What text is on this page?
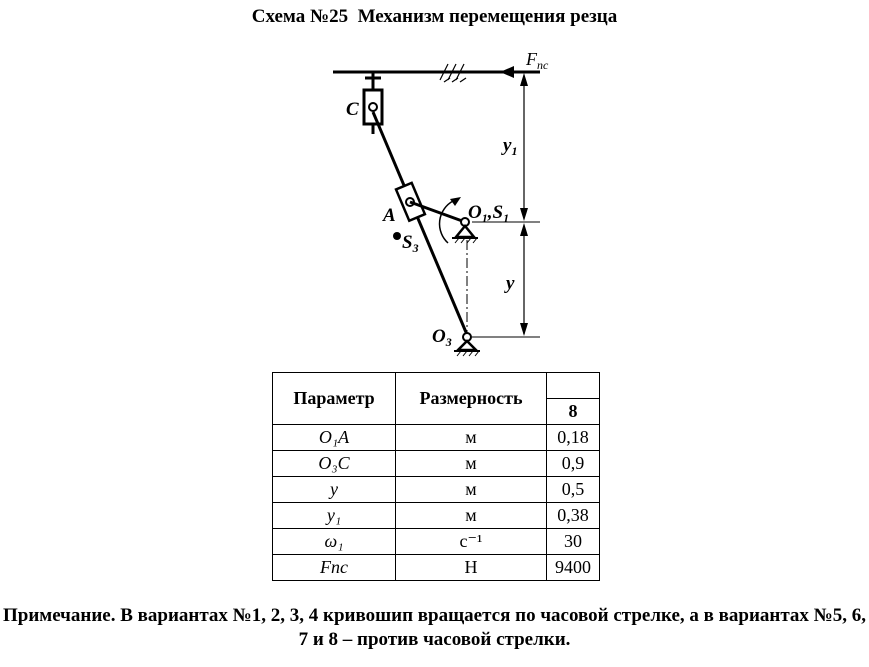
Схема №25  Механизм перемещения резца
C
A
$S_3$
$O_1,S_1$
$O_3$
$y_1$
y
$F_{пс}$
Параметр	Размерность	
		8
O₁A	м	0,18
O₃C	м	0,9
y	м	0,5
y₁	м	0,38
ω₁	с⁻¹	30
Fпс	Н	9400
Примечание. В вариантах №1, 2, 3, 4 кривошип вращается по часовой стрелке, а в вариантах №5, 6, 7 и 8 – против часовой стрелки.
